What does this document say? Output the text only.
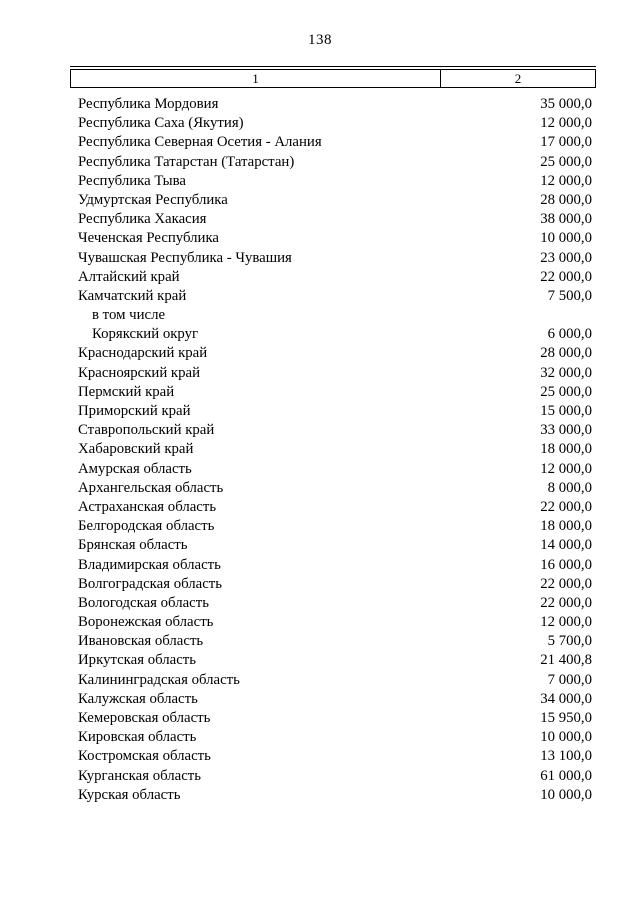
138
1	2
Республика Мордовия	35 000,0
Республика Саха (Якутия)	12 000,0
Республика Северная Осетия - Алания	17 000,0
Республика Татарстан (Татарстан)	25 000,0
Республика Тыва	12 000,0
Удмуртская Республика	28 000,0
Республика Хакасия	38 000,0
Чеченская Республика	10 000,0
Чувашская Республика - Чувашия	23 000,0
Алтайский край	22 000,0
Камчатский край	7 500,0
в том числе
Корякский округ	6 000,0
Краснодарский край	28 000,0
Красноярский край	32 000,0
Пермский край	25 000,0
Приморский край	15 000,0
Ставропольский край	33 000,0
Хабаровский край	18 000,0
Амурская область	12 000,0
Архангельская область	8 000,0
Астраханская область	22 000,0
Белгородская область	18 000,0
Брянская область	14 000,0
Владимирская область	16 000,0
Волгоградская область	22 000,0
Вологодская область	22 000,0
Воронежская область	12 000,0
Ивановская область	5 700,0
Иркутская область	21 400,8
Калининградская область	7 000,0
Калужская область	34 000,0
Кемеровская область	15 950,0
Кировская область	10 000,0
Костромская область	13 100,0
Курганская область	61 000,0
Курская область	10 000,0
